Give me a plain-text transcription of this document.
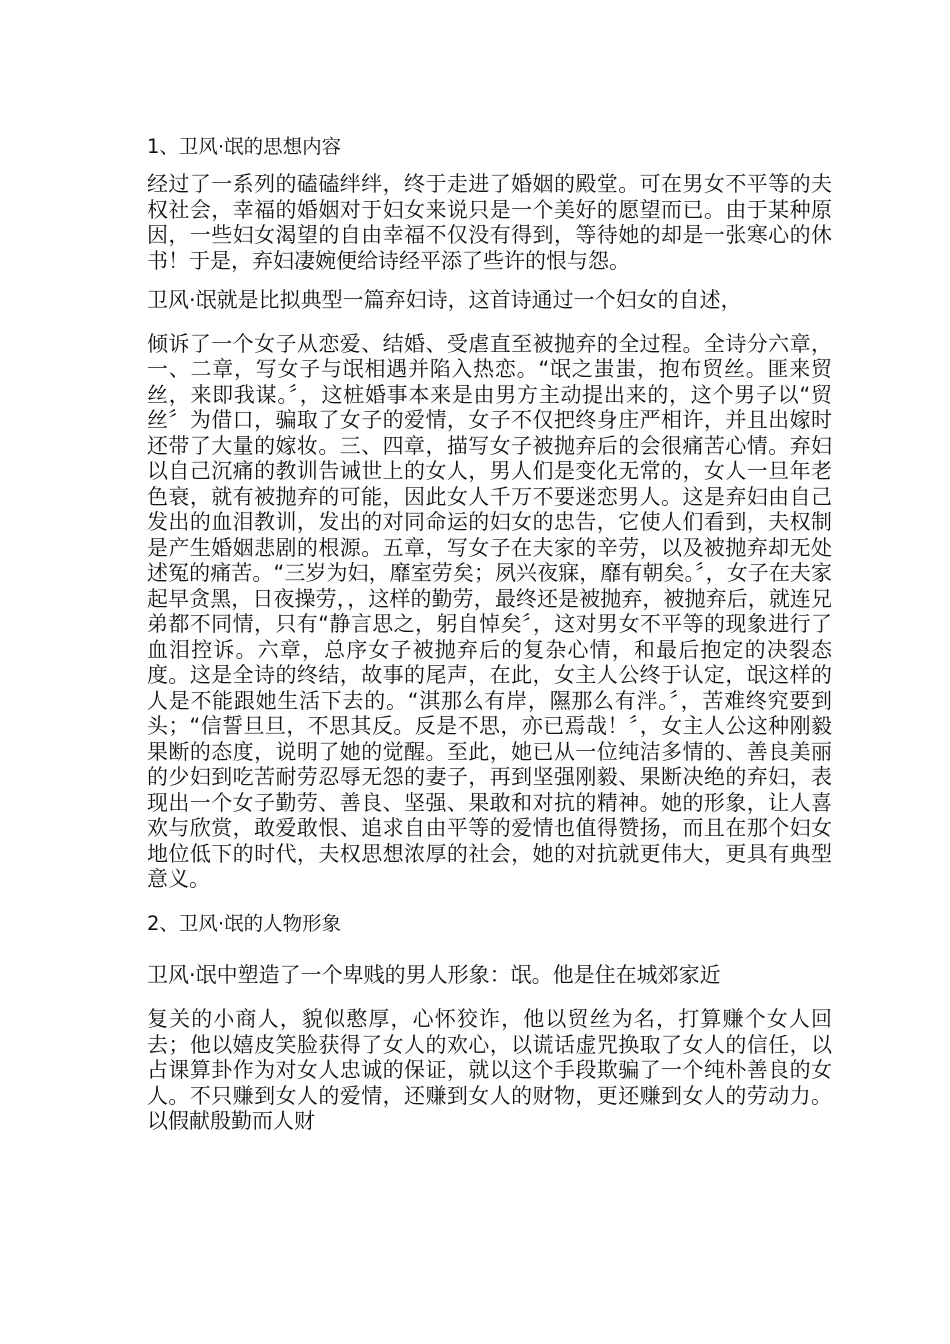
1、卫风·氓的思想内容

经过了一系列的磕磕绊绊，终于走进了婚姻的殿堂。可在男女不平等的夫权社会，幸福的婚姻对于妇女来说只是一个美好的愿望而已。由于某种原因，一些妇女渴望的自由幸福不仅没有得到，等待她的却是一张寒心的休书！于是，弃妇凄婉便给诗经平添了些许的恨与怨。

卫风·氓就是比拟典型一篇弃妇诗，这首诗通过一个妇女的自述，

倾诉了一个女子从恋爱、结婚、受虐直至被抛弃的全过程。全诗分六章，一、二章，写女子与氓相遇并陷入热恋。“氓之蚩蚩，抱布贸丝。匪来贸丝，来即我谋。〞，这桩婚事本来是由男方主动提出来的，这个男子以“贸丝〞为借口，骗取了女子的爱情，女子不仅把终身庄严相许，并且出嫁时还带了大量的嫁妆。三、四章，描写女子被抛弃后的会很痛苦心情。弃妇以自己沉痛的教训告诫世上的女人，男人们是变化无常的，女人一旦年老色衰，就有被抛弃的可能，因此女人千万不要迷恋男人。这是弃妇由自己发出的血泪教训，发出的对同命运的妇女的忠告，它使人们看到，夫权制是产生婚姻悲剧的根源。五章，写女子在夫家的辛劳，以及被抛弃却无处述冤的痛苦。“三岁为妇，靡室劳矣；夙兴夜寐，靡有朝矣。〞，女子在夫家起早贪黑，日夜操劳，，这样的勤劳，最终还是被抛弃，被抛弃后，就连兄弟都不同情，只有“静言思之，躬自悼矣〞，这对男女不平等的现象进行了血泪控诉。六章，总序女子被抛弃后的复杂心情，和最后抱定的决裂态度。这是全诗的终结，故事的尾声，在此，女主人公终于认定，氓这样的人是不能跟她生活下去的。“淇那么有岸，隰那么有泮。〞，苦难终究要到头；“信誓旦旦，不思其反。反是不思，亦已焉哉！〞，女主人公这种刚毅果断的态度，说明了她的觉醒。至此，她已从一位纯洁多情的、善良美丽的少妇到吃苦耐劳忍辱无怨的妻子，再到坚强刚毅、果断决绝的弃妇，表现出一个女子勤劳、善良、坚强、果敢和对抗的精神。她的形象，让人喜欢与欣赏，敢爱敢恨、追求自由平等的爱情也值得赞扬，而且在那个妇女地位低下的时代，夫权思想浓厚的社会，她的对抗就更伟大，更具有典型意义。

2、卫风·氓的人物形象

卫风·氓中塑造了一个卑贱的男人形象：氓。他是住在城郊家近

复关的小商人，貌似憨厚，心怀狡诈，他以贸丝为名，打算赚个女人回去；他以嬉皮笑脸获得了女人的欢心，以谎话虚咒换取了女人的信任，以占课算卦作为对女人忠诚的保证，就以这个手段欺骗了一个纯朴善良的女人。不只赚到女人的爱情，还赚到女人的财物，更还赚到女人的劳动力。以假献殷勤而人财
